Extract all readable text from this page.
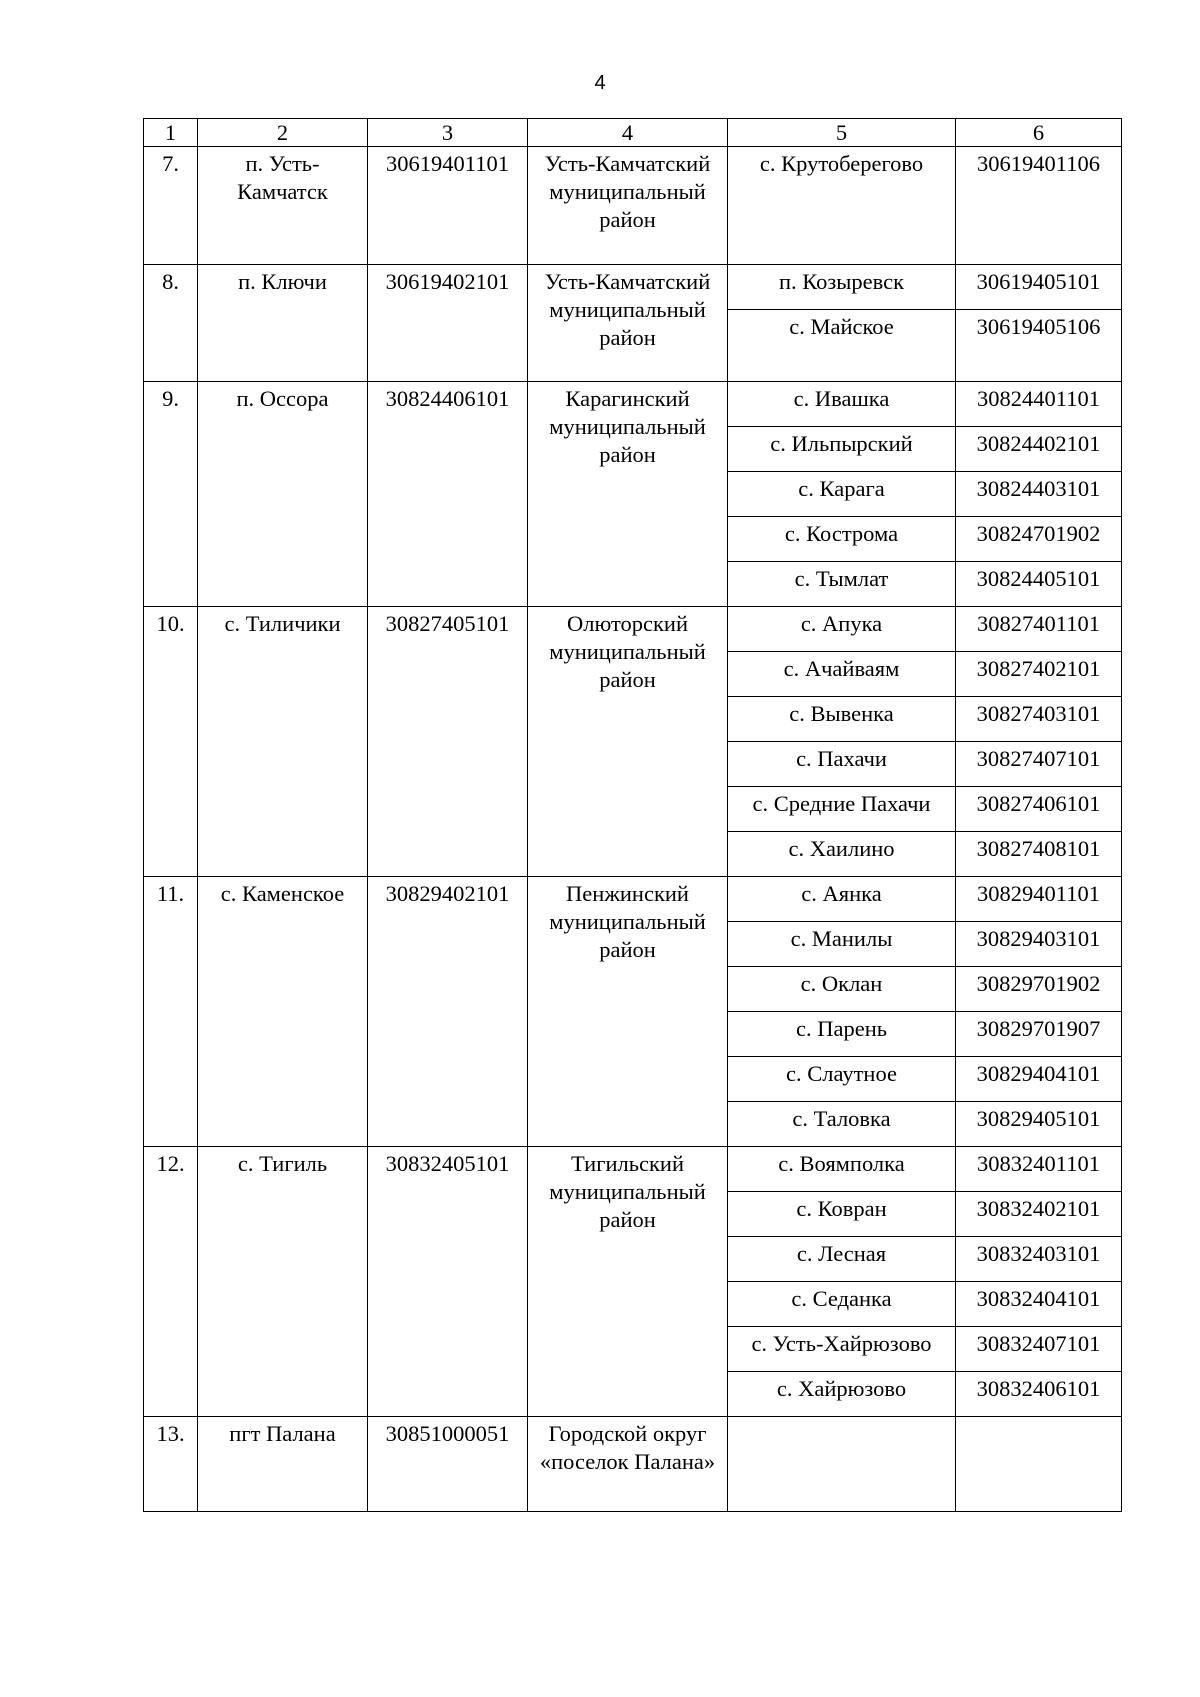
4
1	2	3	4	5	6
7.	п. Усть-Камчатск	30619401101	Усть-Камчатский муниципальный район	с. Крутоберегово	30619401106
8.	п. Ключи	30619402101	Усть-Камчатский муниципальный район	п. Козыревск	30619405101
				с. Майское	30619405106
9.	п. Оссора	30824406101	Карагинский муниципальный район	с. Ивашка	30824401101
				с. Ильпырский	30824402101
				с. Карага	30824403101
				с. Кострома	30824701902
				с. Тымлат	30824405101
10.	с. Тиличики	30827405101	Олюторский муниципальный район	с. Апука	30827401101
				с. Ачайваям	30827402101
				с. Вывенка	30827403101
				с. Пахачи	30827407101
				с. Средние Пахачи	30827406101
				с. Хаилино	30827408101
11.	с. Каменское	30829402101	Пенжинский муниципальный район	с. Аянка	30829401101
				с. Манилы	30829403101
				с. Оклан	30829701902
				с. Парень	30829701907
				с. Слаутное	30829404101
				с. Таловка	30829405101
12.	с. Тигиль	30832405101	Тигильский муниципальный район	с. Воямполка	30832401101
				с. Ковран	30832402101
				с. Лесная	30832403101
				с. Седанка	30832404101
				с. Усть-Хайрюзово	30832407101
				с. Хайрюзово	30832406101
13.	пгт Палана	30851000051	Городской округ «поселок Палана»		
